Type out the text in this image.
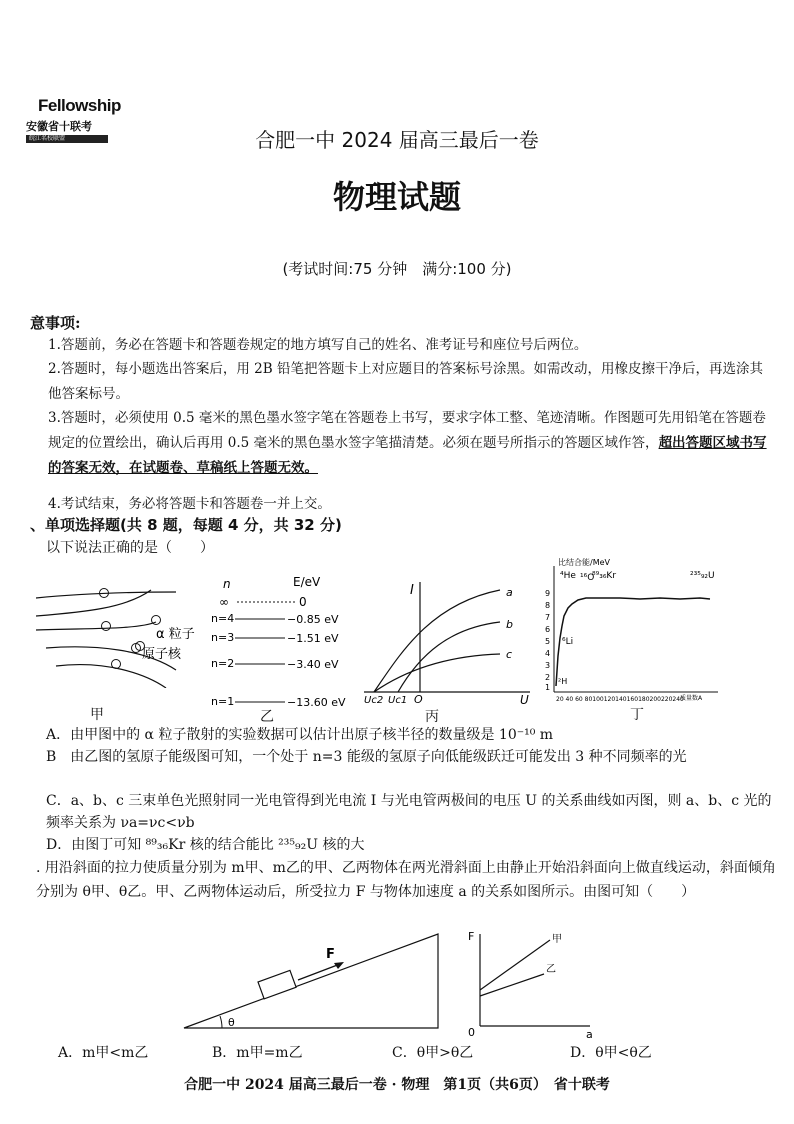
Fellowship
安徽省十联考
皖江名校联盟	合肥一中 2024 届高三最后一卷
物理试题
(考试时间:75 分钟　满分:100 分)
意事项:
1.答题前，务必在答题卡和答题卷规定的地方填写自己的姓名、准考证号和座位号后两位。
2.答题时，每小题选出答案后，用 2B 铅笔把答题卡上对应题目的答案标号涂黑。如需改动，用橡皮擦干净后，再选涂其他答案标号。
3.答题时，必须使用 0.5 毫米的黑色墨水签字笔在答题卷上书写，要求字体工整、笔迹清晰。作图题可先用铅笔在答题卷规定的位置绘出，确认后再用 0.5 毫米的黑色墨水签字笔描清楚。必须在题号所指示的答题区域作答，超出答题区域书写的答案无效，在试题卷、草稿纸上答题无效。
4.考试结束，务必将答题卡和答题卷一并上交。
、单项选择题(共 8 题，每题 4 分，共 32 分)
以下说法正确的是（　　）
α 粒子
原子核
n	E/eV
∞	0
n=4	−0.85 eV
n=3	−1.51 eV
n=2	−3.40 eV
n=1	−13.60 eV
I
U
O
Uc2 Uc1
a
b
c
比结合能/MeV
9
8
7
6
5
4
3
2
1
20 40 60 80100120140160180200220240
质量数A
⁴He ¹⁶O
⁸⁹₃₆Kr	²³⁵₉₂U
⁶Li
²H
甲	乙	丙	丁
A．由甲图中的 α 粒子散射的实验数据可以估计出原子核半径的数量级是 10⁻¹⁰ m
B　由乙图的氢原子能级图可知，一个处于 n=3 能级的氢原子向低能级跃迁可能发出 3 种不同频率的光
C．a、b、c 三束单色光照射同一光电管得到光电流 I 与光电管两极间的电压 U 的关系曲线如丙图，则 a、b、c 光的频率关系为 νa=νc<νb
D．由图丁可知 ⁸⁹₃₆Kr 核的结合能比 ²³⁵₉₂U 核的大
. 用沿斜面的拉力使质量分别为 m甲、m乙的甲、乙两物体在两光滑斜面上由静止开始沿斜面向上做直线运动，斜面倾角分别为 θ甲、θ乙。甲、乙两物体运动后，所受拉力 F 与物体加速度 a 的关系如图所示。由图可知（　　）
F
θ
F
a
0
甲
乙
A．m甲<m乙	B．m甲=m乙	C．θ甲>θ乙	D．θ甲<θ乙
合肥一中 2024 届高三最后一卷 · 物理　第1页（共6页）　 省十联考
